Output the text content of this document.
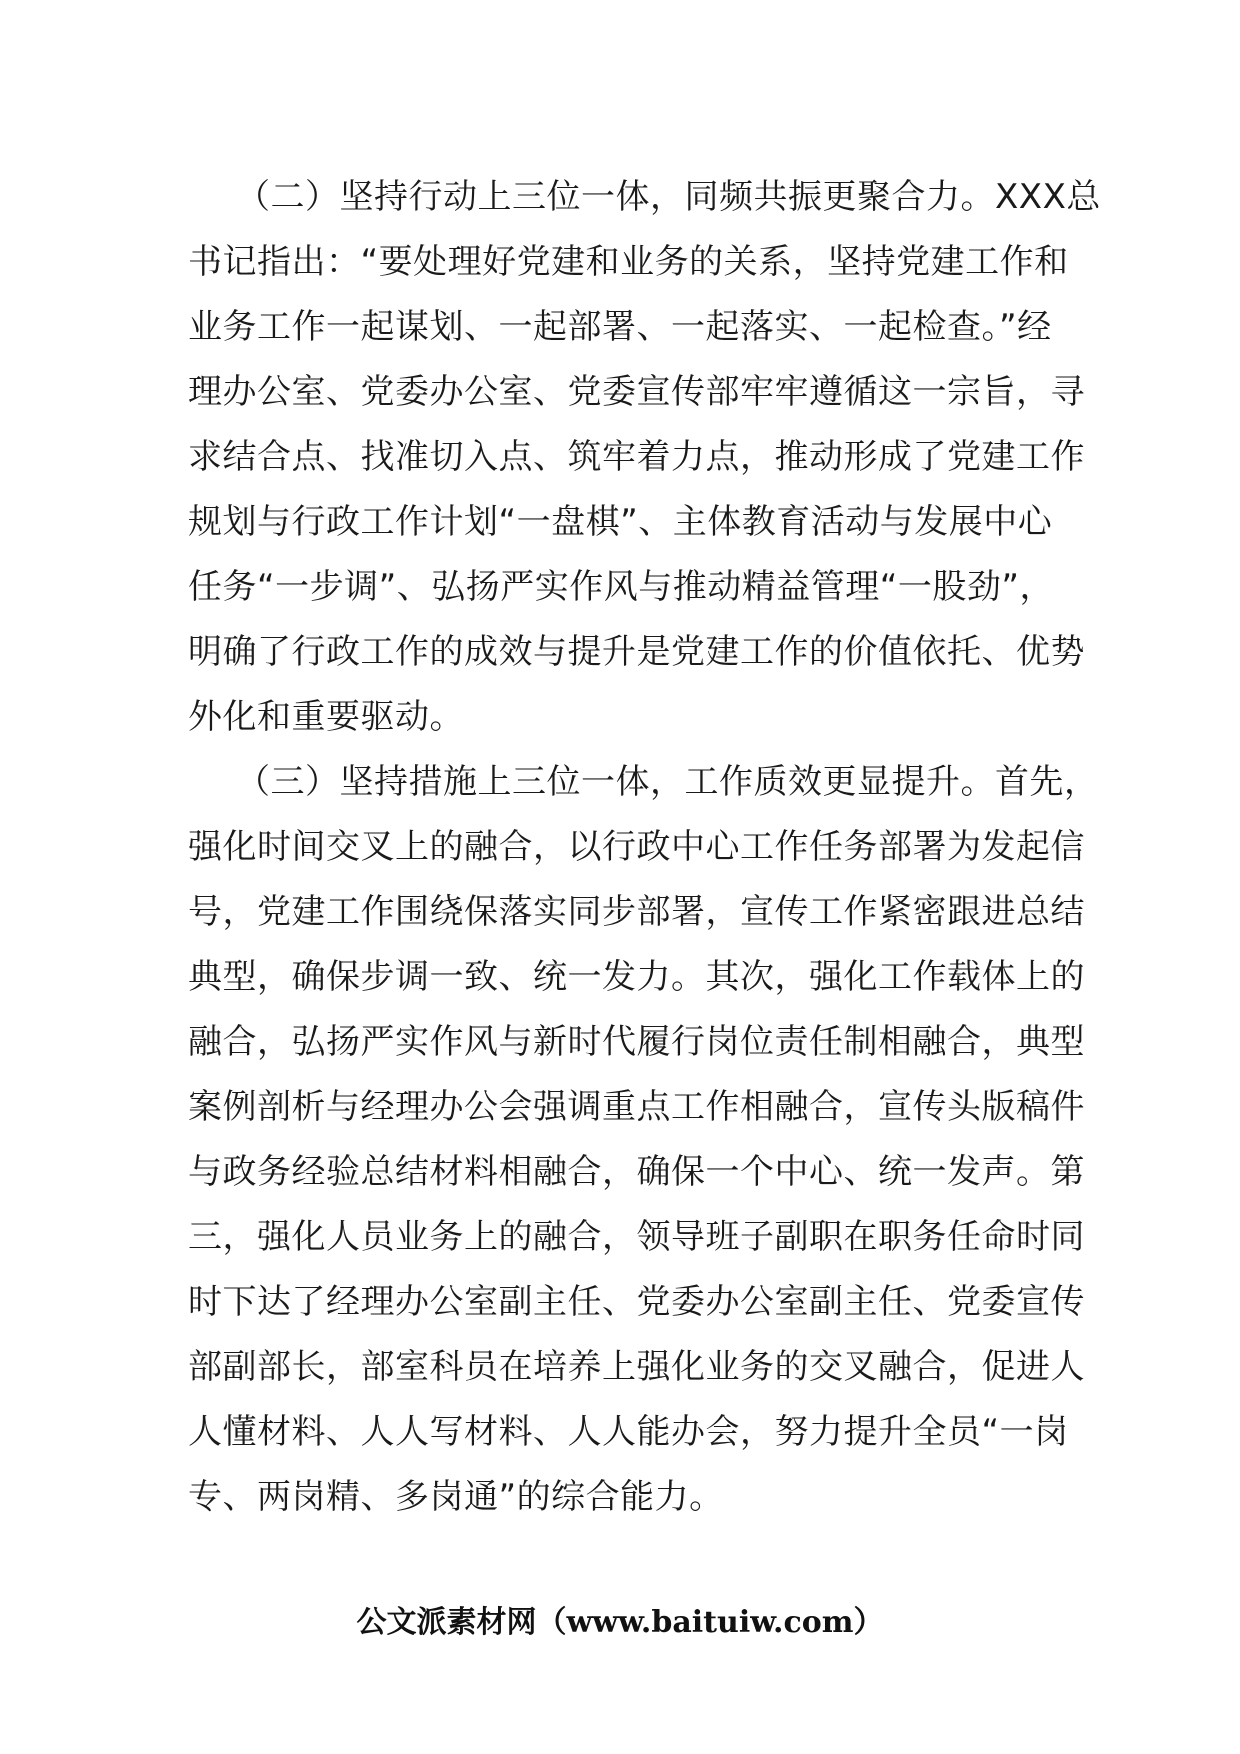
（二）坚持行动上三位一体，同频共振更聚合力。XXX总
书记指出：“要处理好党建和业务的关系，坚持党建工作和
业务工作一起谋划、一起部署、一起落实、一起检查。”经
理办公室、党委办公室、党委宣传部牢牢遵循这一宗旨，寻
求结合点、找准切入点、筑牢着力点，推动形成了党建工作
规划与行政工作计划“一盘棋”、主体教育活动与发展中心
任务“一步调”、弘扬严实作风与推动精益管理“一股劲”，
明确了行政工作的成效与提升是党建工作的价值依托、优势
外化和重要驱动。
（三）坚持措施上三位一体，工作质效更显提升。首先，
强化时间交叉上的融合，以行政中心工作任务部署为发起信
号，党建工作围绕保落实同步部署，宣传工作紧密跟进总结
典型，确保步调一致、统一发力。其次，强化工作载体上的
融合，弘扬严实作风与新时代履行岗位责任制相融合，典型
案例剖析与经理办公会强调重点工作相融合，宣传头版稿件
与政务经验总结材料相融合，确保一个中心、统一发声。第
三，强化人员业务上的融合，领导班子副职在职务任命时同
时下达了经理办公室副主任、党委办公室副主任、党委宣传
部副部长，部室科员在培养上强化业务的交叉融合，促进人
人懂材料、人人写材料、人人能办会，努力提升全员“一岗
专、两岗精、多岗通”的综合能力。
公文派素材网（www.baituiw.com）
